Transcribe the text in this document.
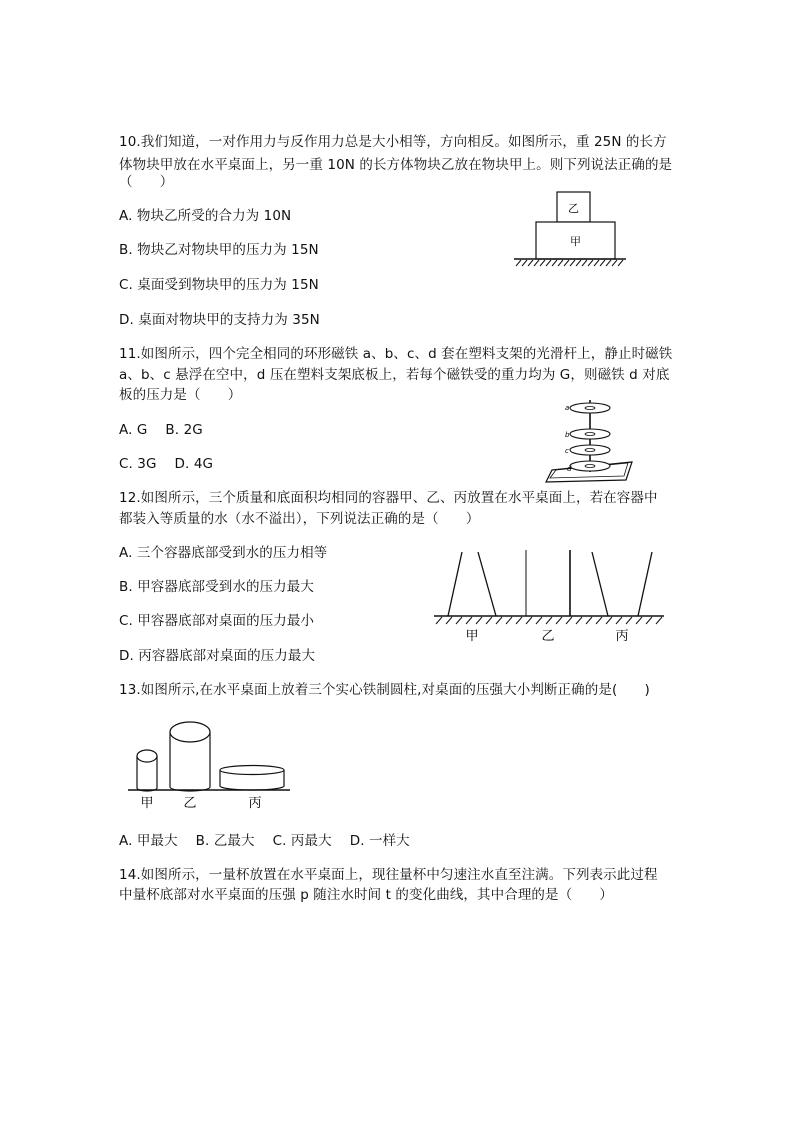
10.我们知道，一对作用力与反作用力总是大小相等，方向相反。如图所示，重 25N 的长方
体物块甲放在水平桌面上，另一重 10N 的长方体物块乙放在物块甲上。则下列说法正确的是
（　　）
A. 物块乙所受的合力为 10N
B. 物块乙对物块甲的压力为 15N
C. 桌面受到物块甲的压力为 15N
D. 桌面对物块甲的支持力为 35N
乙
甲
11.如图所示，四个完全相同的环形磁铁 a、b、c、d 套在塑料支架的光滑杆上，静止时磁铁
a、b、c 悬浮在空中，d 压在塑料支架底板上，若每个磁铁受的重力均为 G，则磁铁 d 对底
板的压力是（　　）
A. G　 B. 2G
C. 3G　 D. 4G
a
b
c
d
12.如图所示，三个质量和底面积均相同的容器甲、乙、丙放置在水平桌面上，若在容器中
都装入等质量的水（水不溢出），下列说法正确的是（　　）
A. 三个容器底部受到水的压力相等
B. 甲容器底部受到水的压力最大
C. 甲容器底部对桌面的压力最小
D. 丙容器底部对桌面的压力最大
甲	乙	丙
13.如图所示,在水平桌面上放着三个实心铁制圆柱,对桌面的压强大小判断正确的是(　　)
甲 乙	丙
A. 甲最大　 B. 乙最大　 C. 丙最大　 D. 一样大
14.如图所示，一量杯放置在水平桌面上，现往量杯中匀速注水直至注满。下列表示此过程
中量杯底部对水平桌面的压强 p 随注水时间 t 的变化曲线，其中合理的是（　　）
